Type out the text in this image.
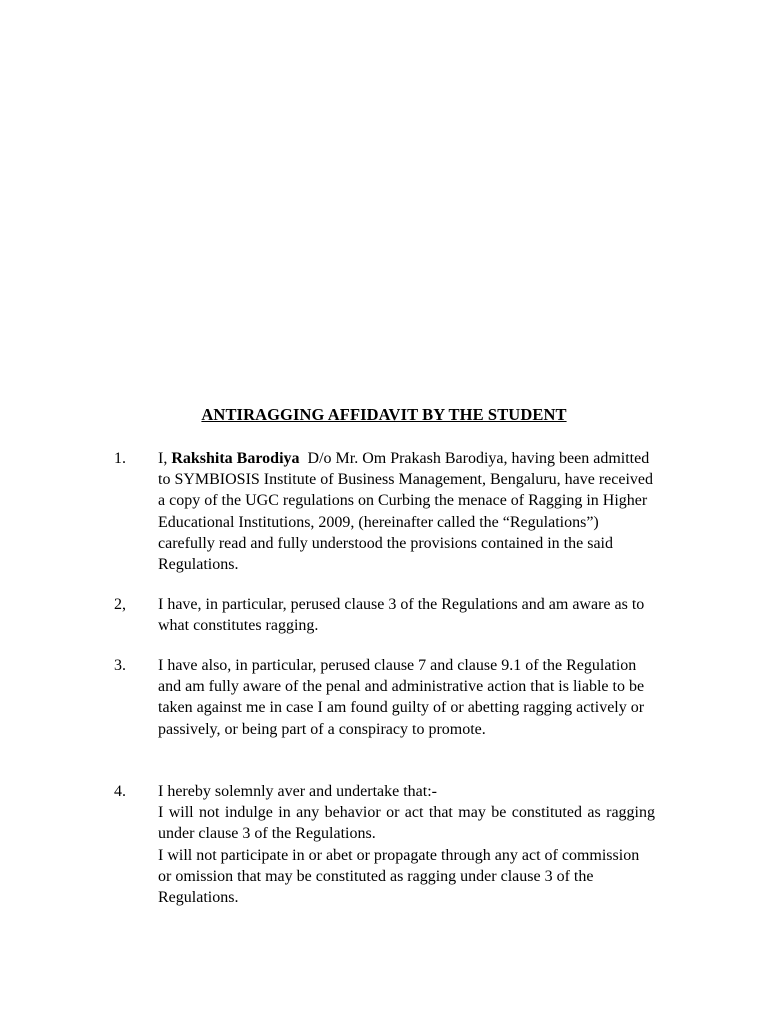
ANTIRAGGING AFFIDAVIT BY THE STUDENT
1.	I, Rakshita Barodiya D/o Mr. Om Prakash Barodiya, having been admitted to SYMBIOSIS Institute of Business Management, Bengaluru, have received a copy of the UGC regulations on Curbing the menace of Ragging in Higher Educational Institutions, 2009, (hereinafter called the “Regulations”) carefully read and fully understood the provisions contained in the said Regulations.

2,	I have, in particular, perused clause 3 of the Regulations and am aware as to what constitutes ragging.

3.	I have also, in particular, perused clause 7 and clause 9.1 of the Regulation and am fully aware of the penal and administrative action that is liable to be taken against me in case I am found guilty of or abetting ragging actively or passively, or being part of a conspiracy to promote.

4.	I hereby solemnly aver and undertake that:-

I will not indulge in any behavior or act that may be constituted as ragging under clause 3 of the Regulations.

I will not participate in or abet or propagate through any act of commission or omission that may be constituted as ragging under clause 3 of the Regulations.
